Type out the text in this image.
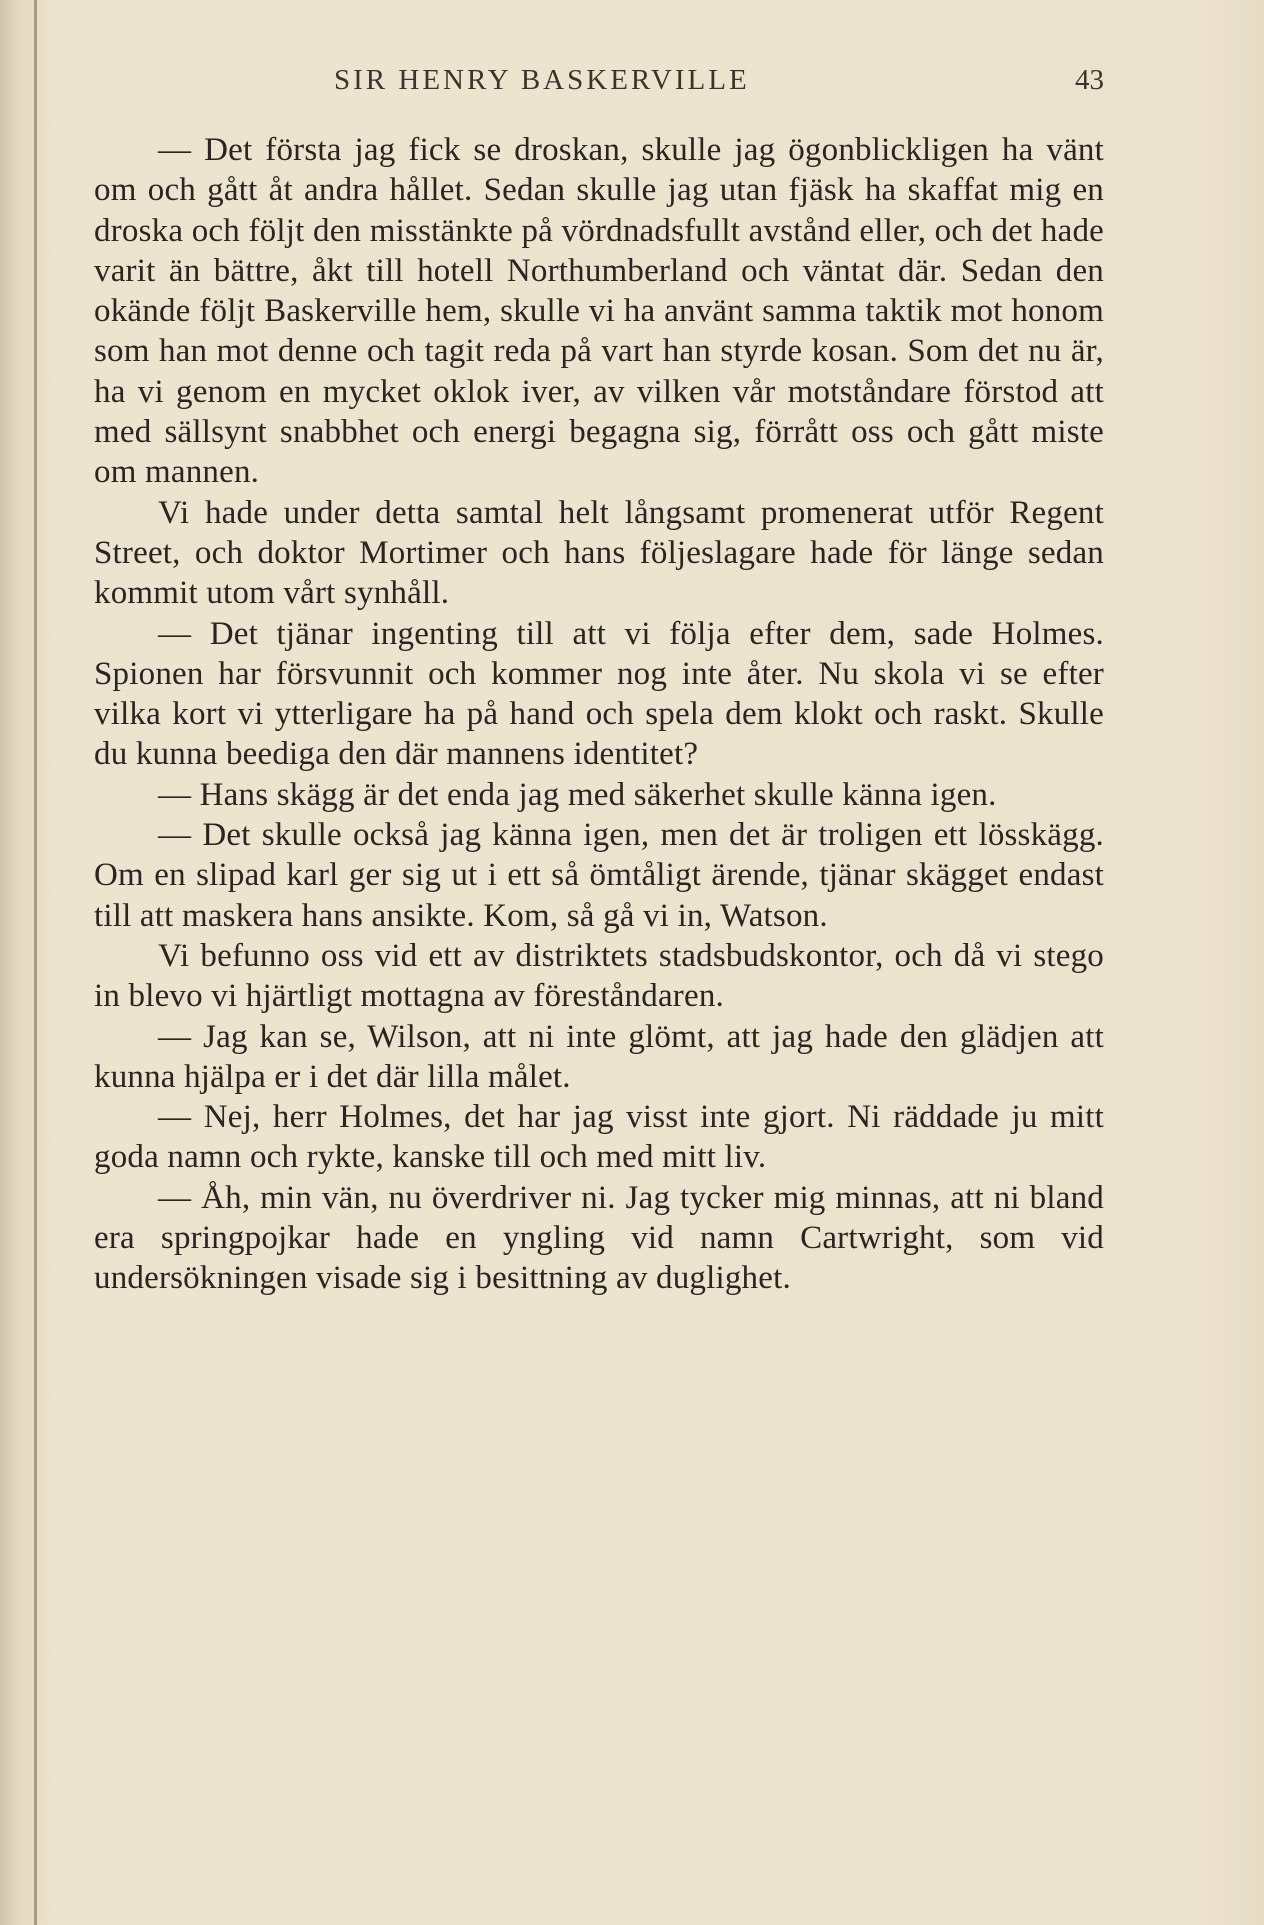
SIR HENRY BASKERVILLE	43

— Det första jag fick se droskan, skulle jag ögonblickligen ha vänt om och gått åt andra hållet. Sedan skulle jag utan fjäsk ha skaffat mig en droska och följt den misstänkte på vördnadsfullt avstånd eller, och det hade varit än bättre, åkt till hotell Northumberland och väntat där. Sedan den okände följt Baskerville hem, skulle vi ha använt samma taktik mot honom som han mot denne och tagit reda på vart han styrde kosan. Som det nu är, ha vi genom en mycket oklok iver, av vilken vår motståndare förstod att med sällsynt snabbhet och energi begagna sig, förrått oss och gått miste om mannen.

Vi hade under detta samtal helt långsamt promenerat utför Regent Street, och doktor Mortimer och hans följeslagare hade för länge sedan kommit utom vårt synhåll.

— Det tjänar ingenting till att vi följa efter dem, sade Holmes. Spionen har försvunnit och kommer nog inte åter. Nu skola vi se efter vilka kort vi ytterligare ha på hand och spela dem klokt och raskt. Skulle du kunna beediga den där mannens identitet?

— Hans skägg är det enda jag med säkerhet skulle känna igen.

— Det skulle också jag känna igen, men det är troligen ett lösskägg. Om en slipad karl ger sig ut i ett så ömtåligt ärende, tjänar skägget endast till att maskera hans ansikte. Kom, så gå vi in, Watson.

Vi befunno oss vid ett av distriktets stadsbudskontor, och då vi stego in blevo vi hjärtligt mottagna av föreståndaren.

— Jag kan se, Wilson, att ni inte glömt, att jag hade den glädjen att kunna hjälpa er i det där lilla målet.

— Nej, herr Holmes, det har jag visst inte gjort. Ni räddade ju mitt goda namn och rykte, kanske till och med mitt liv.

— Åh, min vän, nu överdriver ni. Jag tycker mig minnas, att ni bland era springpojkar hade en yngling vid namn Cartwright, som vid undersökningen visade sig i besittning av duglighet.
